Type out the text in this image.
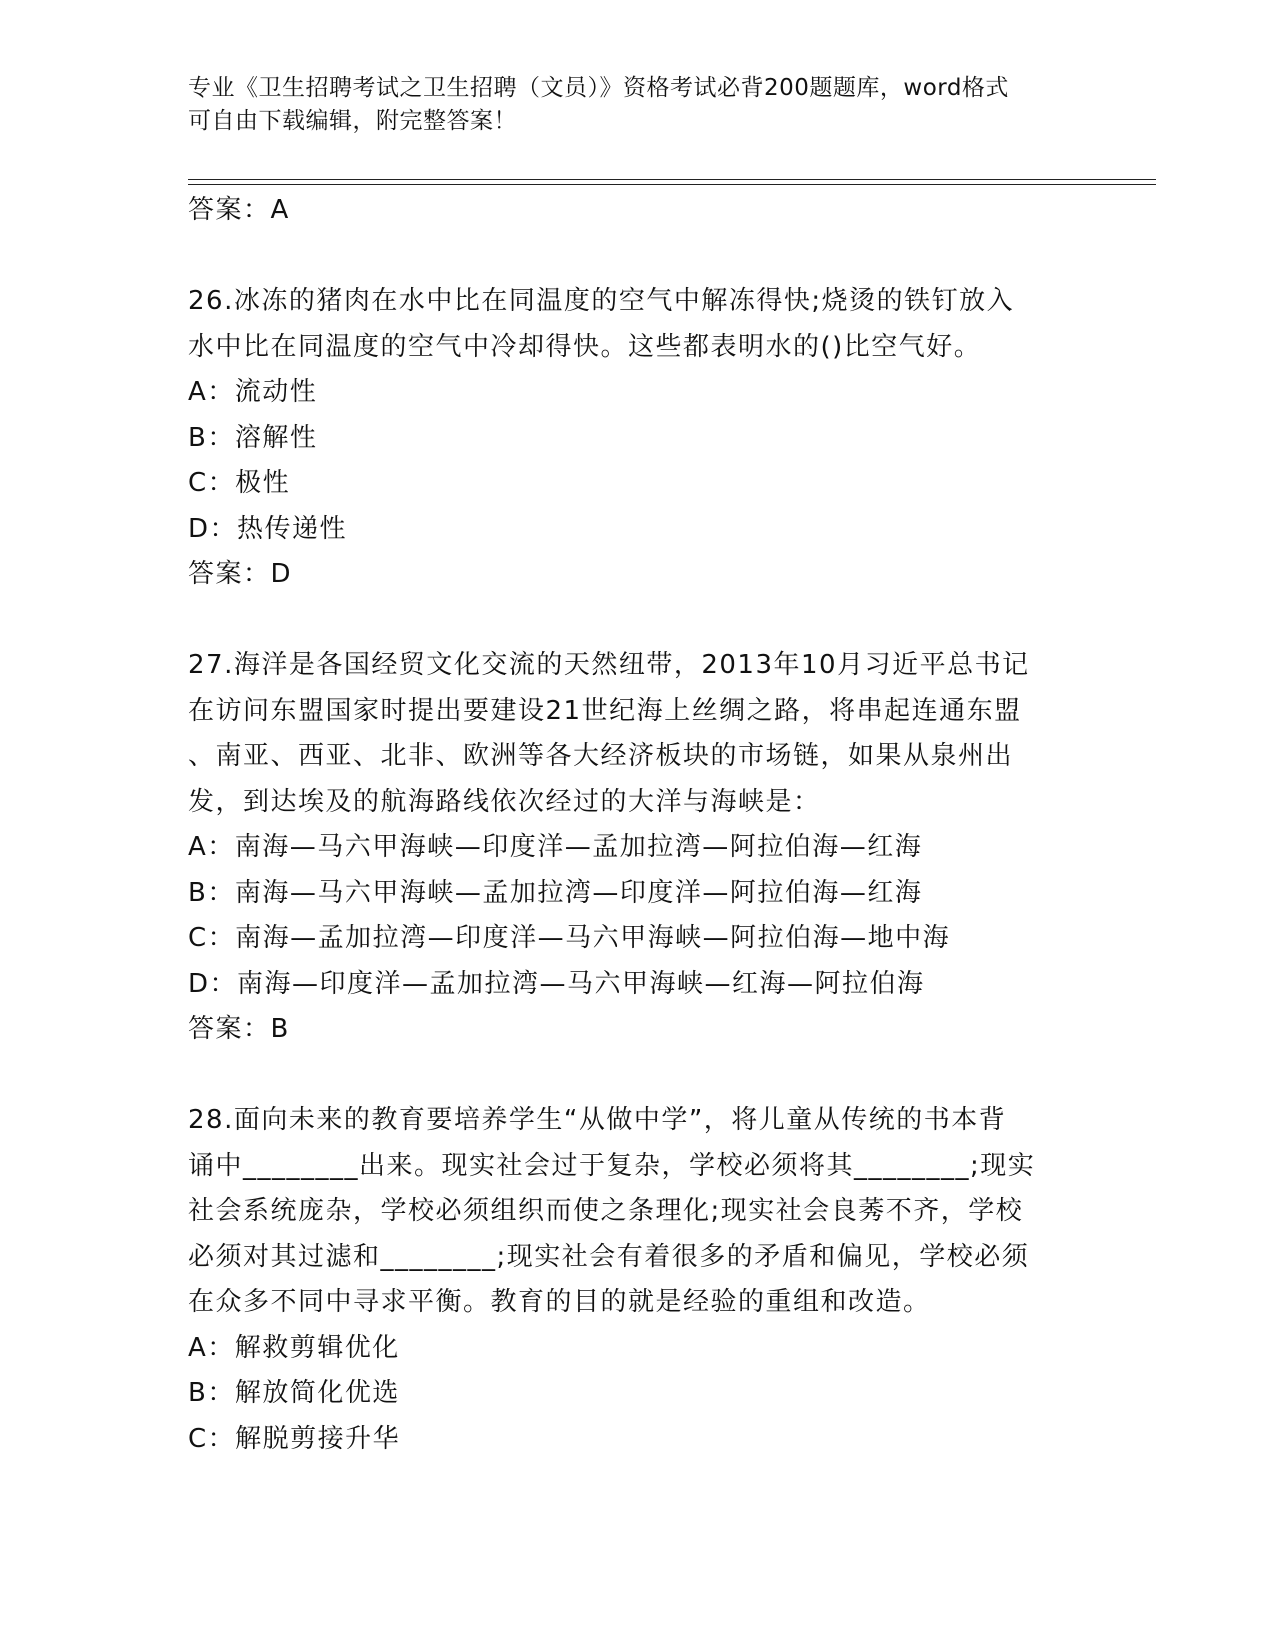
专业《卫生招聘考试之卫生招聘（文员）》资格考试必背200题题库，word格式
可自由下载编辑，附完整答案！
答案：A
26.冰冻的猪肉在水中比在同温度的空气中解冻得快;烧烫的铁钉放入
水中比在同温度的空气中冷却得快。这些都表明水的()比空气好。
A：流动性
B：溶解性
C：极性
D：热传递性
答案：D
27.海洋是各国经贸文化交流的天然纽带，2013年10月习近平总书记
在访问东盟国家时提出要建设21世纪海上丝绸之路，将串起连通东盟
、南亚、西亚、北非、欧洲等各大经济板块的市场链，如果从泉州出
发，到达埃及的航海路线依次经过的大洋与海峡是：
A：南海—马六甲海峡—印度洋—孟加拉湾—阿拉伯海—红海
B：南海—马六甲海峡—孟加拉湾—印度洋—阿拉伯海—红海
C：南海—孟加拉湾—印度洋—马六甲海峡—阿拉伯海—地中海
D：南海—印度洋—孟加拉湾—马六甲海峡—红海—阿拉伯海
答案：B
28.面向未来的教育要培养学生“从做中学”，将儿童从传统的书本背
诵中________出来。现实社会过于复杂，学校必须将其________;现实
社会系统庞杂，学校必须组织而使之条理化;现实社会良莠不齐，学校
必须对其过滤和________;现实社会有着很多的矛盾和偏见，学校必须
在众多不同中寻求平衡。教育的目的就是经验的重组和改造。
A：解救剪辑优化
B：解放简化优选
C：解脱剪接升华
